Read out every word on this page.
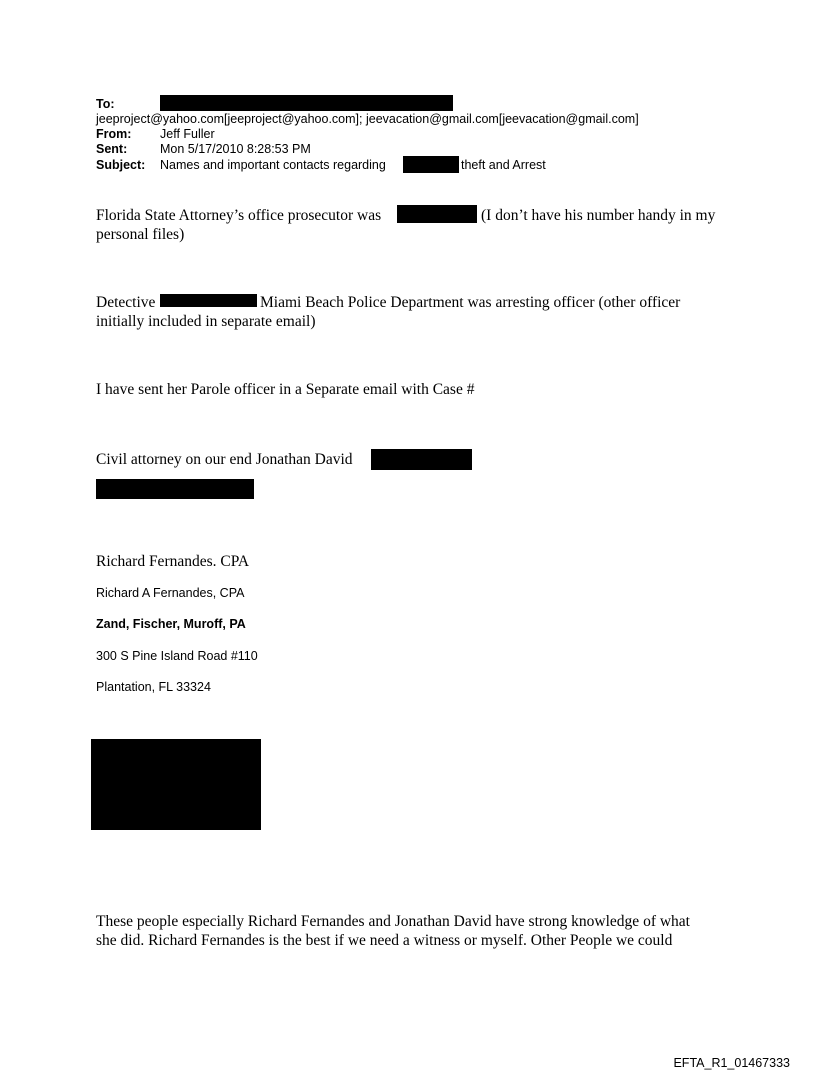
To:
jeeproject@yahoo.com[jeeproject@yahoo.com]; jeevacation@gmail.com[jeevacation@gmail.com]
From: Jeff Fuller
Sent:	Mon 5/17/2010 8:28:53 PM
Subject: Names and important contacts regarding	theft and Arrest
Florida State Attorney’s office prosecutor was	(I don’t have his number handy in my
personal files)
Detective	Miami Beach Police Department was arresting officer (other officer
initially included in separate email)
I have sent her Parole officer in a Separate email with Case #
Civil attorney on our end Jonathan David
Richard Fernandes. CPA
Richard A Fernandes, CPA
Zand, Fischer, Muroff, PA
300 S Pine Island Road #110
Plantation, FL 33324
These people especially Richard Fernandes and Jonathan David have strong knowledge of what
she did. Richard Fernandes is the best if we need a witness or myself. Other People we could
EFTA_R1_01467333
